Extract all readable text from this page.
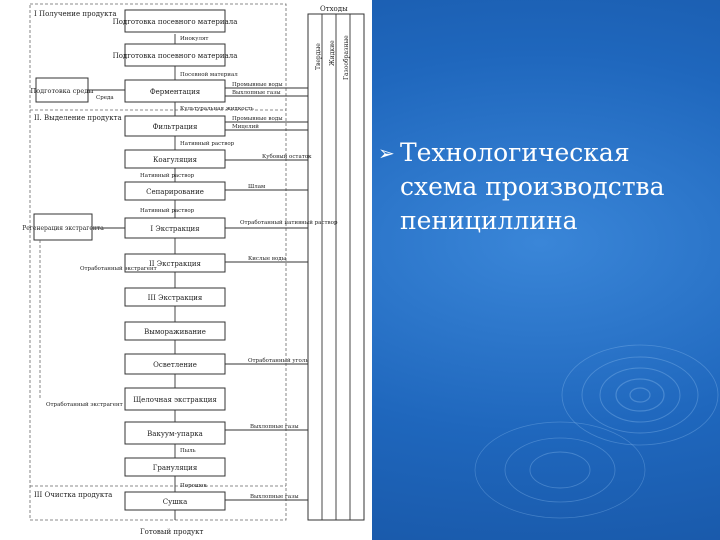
Отходы
Твердые Жидкие Газообразные
I Получение продукта
II. Выделение продукта
III Очистка продукта
Подготовка посевного материала
Подготовка посевного материала
Ферментация
Фильтрация
Коагуляция
Сепарирование
I Экстракция
II Экстракция
III Экстракция
Вымораживание
Осветление
Щелочная экстракция
Вакуум-упарка
Грануляция
Сушка
Подготовка среды
Регенерация экстрагента
Инокулят
Посевной материал
Среда
Культуральная жидкость
Нативный раствор
Нативный раствор
Нативный раствор
Отработанный экстрагент
Отработанный экстрагент
Пыль
Порошок
Готовый продукт
Промывные воды
Выхлопные газы
Промывные воды
Мицелий
Кубовый остаток
Шлам
Отработанный нативный раствор
Кислые воды
Отработанный уголь
Выхлопные газы
Выхлопные газы
➢ Технологическая схема производства пенициллина
